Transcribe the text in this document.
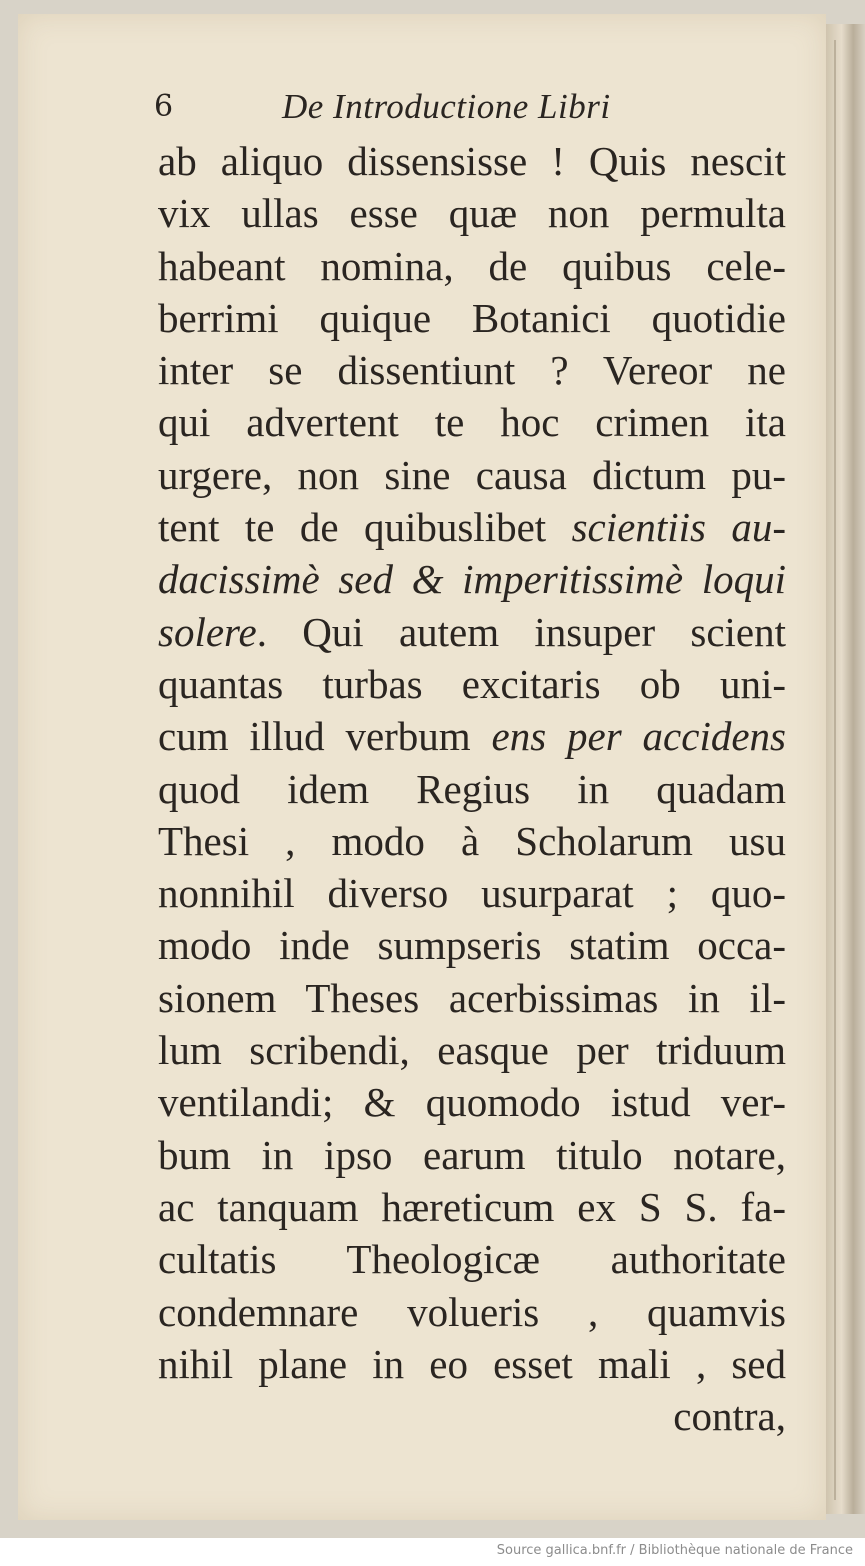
6	De Introductione Libri
ab aliquo dissensisse ! Quis nescit
vix ullas esse quæ non permulta
habeant nomina, de quibus cele-
berrimi quique Botanici quotidie
inter se dissentiunt ? Vereor ne
qui advertent te hoc crimen ita
urgere, non sine causa dictum pu-
tent te de quibuslibet scientiis au-
dacissimè sed & imperitissimè loqui
solere. Qui autem insuper scient
quantas turbas excitaris ob uni-
cum illud verbum ens per accidens
quod idem Regius in quadam
Thesi , modo à Scholarum usu
nonnihil diverso usurparat ; quo-
modo inde sumpseris statim occa-
sionem Theses acerbissimas in il-
lum scribendi, easque per triduum
ventilandi; & quomodo istud ver-
bum in ipso earum titulo notare,
ac tanquam hæreticum ex S S. fa-
cultatis Theologicæ authoritate
condemnare volueris , quamvis
nihil plane in eo esset mali , sed
contra,
Source gallica.bnf.fr / Bibliothèque nationale de France
